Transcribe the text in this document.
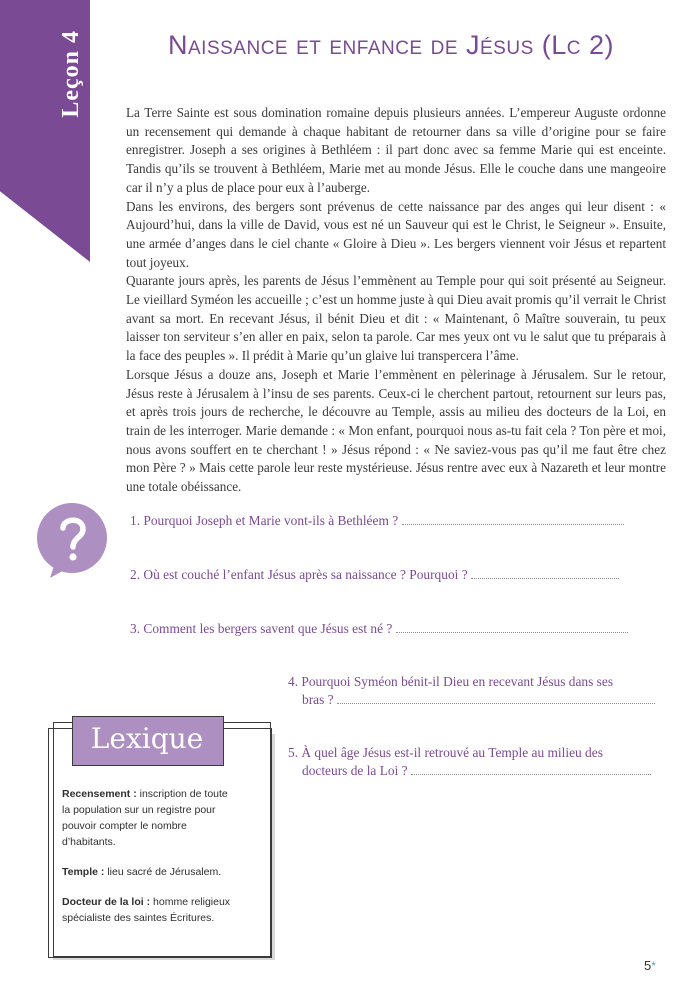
Leçon 4	Naissance et enfance de Jésus (Lc 2)

La Terre Sainte est sous domination romaine depuis plusieurs années. L’empereur Auguste ordonne un recensement qui demande à chaque habitant de retourner dans sa ville d’origine pour se faire enregistrer. Joseph a ses origines à Bethléem : il part donc avec sa femme Marie qui est enceinte. Tandis qu’ils se trouvent à Bethléem, Marie met au monde Jésus. Elle le couche dans une mangeoire car il n’y a plus de place pour eux à l’auberge.

Dans les environs, des bergers sont prévenus de cette naissance par des anges qui leur disent : « Aujourd’hui, dans la ville de David, vous est né un Sauveur qui est le Christ, le Seigneur ». Ensuite, une armée d’anges dans le ciel chante « Gloire à Dieu ». Les bergers viennent voir Jésus et repartent tout joyeux.

Quarante jours après, les parents de Jésus l’emmènent au Temple pour qui soit présenté au Seigneur. Le vieillard Syméon les accueille ; c’est un homme juste à qui Dieu avait promis qu’il verrait le Christ avant sa mort. En recevant Jésus, il bénit Dieu et dit : « Maintenant, ô Maître souverain, tu peux laisser ton serviteur s’en aller en paix, selon ta parole. Car mes yeux ont vu le salut que tu préparais à la face des peuples ». Il prédit à Marie qu’un glaive lui transpercera l’âme.

Lorsque Jésus a douze ans, Joseph et Marie l’emmènent en pèlerinage à Jérusalem. Sur le retour, Jésus reste à Jérusalem à l’insu de ses parents. Ceux-ci le cherchent partout, retournent sur leurs pas, et après trois jours de recherche, le découvre au Temple, assis au milieu des docteurs de la Loi, en train de les interroger. Marie demande : « Mon enfant, pourquoi nous as-tu fait cela ? Ton père et moi, nous avons souffert en te cherchant ! » Jésus répond : « Ne saviez-vous pas qu’il me faut être chez mon Père ? » Mais cette parole leur reste mystérieuse. Jésus rentre avec eux à Nazareth et leur montre une totale obéissance.

1. Pourquoi Joseph et Marie vont-ils à Bethléem ?
2. Où est couché l’enfant Jésus après sa naissance ? Pourquoi ?
3. Comment les bergers savent que Jésus est né ?
4. Pourquoi Syméon bénit-il Dieu en recevant Jésus dans ses
bras ?
5. À quel âge Jésus est-il retrouvé au Temple au milieu des
docteurs de la Loi ?
Lexique

Recensement : inscription de toute la population sur un registre pour pouvoir compter le nombre d’habitants.

Temple : lieu sacré de Jérusalem.

Docteur de la loi : homme religieux spécialiste des saintes Écritures.

5*
